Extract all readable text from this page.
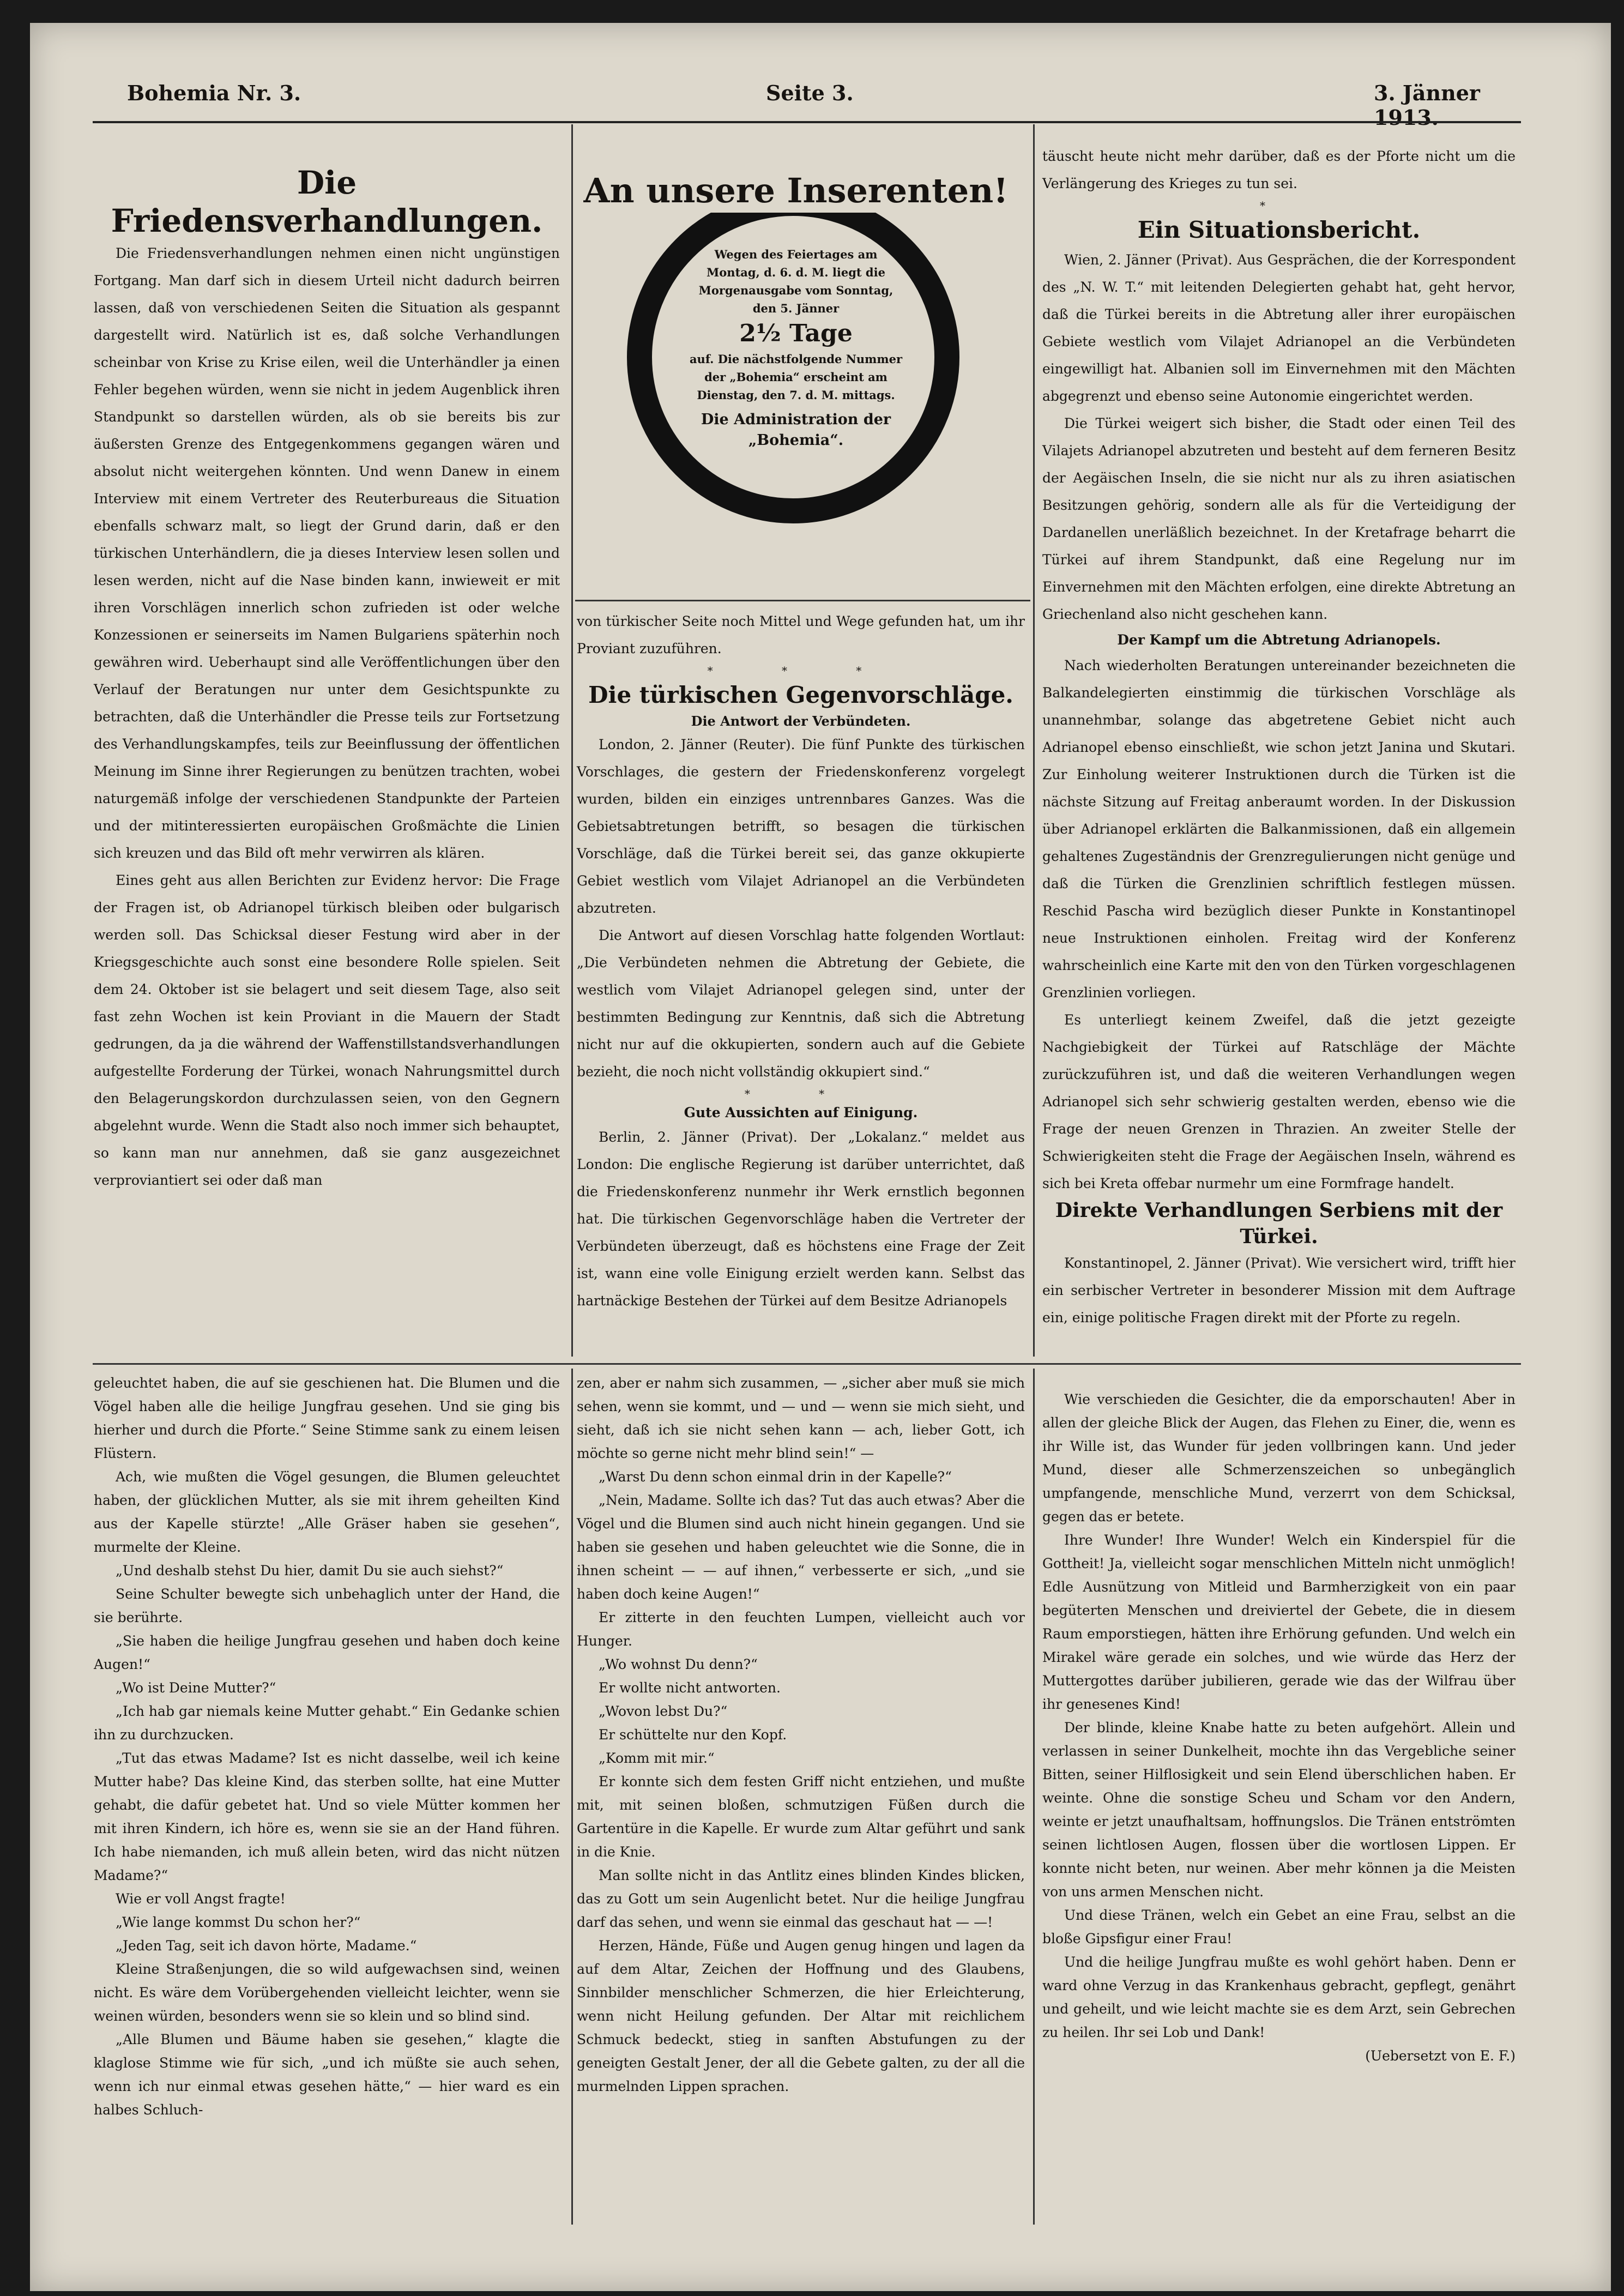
Bohemia Nr. 3.	Seite 3.	3. Jänner 1913.
Die Friedensverhandlungen.

Die Friedensverhandlungen nehmen einen nicht ungünstigen Fortgang. Man darf sich in diesem Urteil nicht dadurch beirren lassen, daß von verschiedenen Seiten die Situation als gespannt dargestellt wird. Natürlich ist es, daß solche Verhandlungen scheinbar von Krise zu Krise eilen, weil die Unterhändler ja einen Fehler begehen würden, wenn sie nicht in jedem Augenblick ihren Standpunkt so darstellen würden, als ob sie bereits bis zur äußersten Grenze des Entgegenkommens gegangen wären und absolut nicht weitergehen könnten. Und wenn Danew in einem Interview mit einem Vertreter des Reuterbureaus die Situation ebenfalls schwarz malt, so liegt der Grund darin, daß er den türkischen Unterhändlern, die ja dieses Interview lesen sollen und lesen werden, nicht auf die Nase binden kann, inwieweit er mit ihren Vorschlägen innerlich schon zufrieden ist oder welche Konzessionen er seinerseits im Namen Bulgariens späterhin noch gewähren wird. Ueberhaupt sind alle Veröffentlichungen über den Verlauf der Beratungen nur unter dem Gesichtspunkte zu betrachten, daß die Unterhändler die Presse teils zur Fortsetzung des Verhandlungskampfes, teils zur Beeinflussung der öffentlichen Meinung im Sinne ihrer Regierungen zu benützen trachten, wobei naturgemäß infolge der verschiedenen Standpunkte der Parteien und der mitinteressierten europäischen Großmächte die Linien sich kreuzen und das Bild oft mehr verwirren als klären.

Eines geht aus allen Berichten zur Evidenz hervor: Die Frage der Fragen ist, ob Adrianopel türkisch bleiben oder bulgarisch werden soll. Das Schicksal dieser Festung wird aber in der Kriegsgeschichte auch sonst eine besondere Rolle spielen. Seit dem 24. Oktober ist sie belagert und seit diesem Tage, also seit fast zehn Wochen ist kein Proviant in die Mauern der Stadt gedrungen, da ja die während der Waffenstillstandsverhandlungen aufgestellte Forderung der Türkei, wonach Nahrungsmittel durch den Belagerungskordon durchzulassen seien, von den Gegnern abgelehnt wurde. Wenn die Stadt also noch immer sich behauptet, so kann man nur annehmen, daß sie ganz ausgezeichnet verproviantiert sei oder daß man

An unsere Inserenten!
Wegen des Feiertages am Montag, d. 6. d. M. liegt die Morgenausgabe vom Sonntag, den 5. Jänner
2½ Tage
auf. Die nächstfolgende Nummer der „Bohemia“ erscheint am Dienstag, den 7. d. M. mittags.
Die Administration der „Bohemia“.

von türkischer Seite noch Mittel und Wege gefunden hat, um ihr Proviant zuzuführen.

* * *
Die türkischen Gegenvorschläge.
Die Antwort der Verbündeten.

London, 2. Jänner (Reuter). Die fünf Punkte des türkischen Vorschlages, die gestern der Friedenskonferenz vorgelegt wurden, bilden ein einziges untrennbares Ganzes. Was die Gebietsabtretungen betrifft, so besagen die türkischen Vorschläge, daß die Türkei bereit sei, das ganze okkupierte Gebiet westlich vom Vilajet Adrianopel an die Verbündeten abzutreten.

Die Antwort auf diesen Vorschlag hatte folgenden Wortlaut: „Die Verbündeten nehmen die Abtretung der Gebiete, die westlich vom Vilajet Adrianopel gelegen sind, unter der bestimmten Bedingung zur Kenntnis, daß sich die Abtretung nicht nur auf die okkupierten, sondern auch auf die Gebiete bezieht, die noch nicht vollständig okkupiert sind.“

* *
Gute Aussichten auf Einigung.

Berlin, 2. Jänner (Privat). Der „Lokalanz.“ meldet aus London: Die englische Regierung ist darüber unterrichtet, daß die Friedenskonferenz nunmehr ihr Werk ernstlich begonnen hat. Die türkischen Gegenvorschläge haben die Vertreter der Verbündeten überzeugt, daß es höchstens eine Frage der Zeit ist, wann eine volle Einigung erzielt werden kann. Selbst das hartnäckige Bestehen der Türkei auf dem Besitze Adrianopels

täuscht heute nicht mehr darüber, daß es der Pforte nicht um die Verlängerung des Krieges zu tun sei.

*
Ein Situationsbericht.

Wien, 2. Jänner (Privat). Aus Gesprächen, die der Korrespondent des „N. W. T.“ mit leitenden Delegierten gehabt hat, geht hervor, daß die Türkei bereits in die Abtretung aller ihrer europäischen Gebiete westlich vom Vilajet Adrianopel an die Verbündeten eingewilligt hat. Albanien soll im Einvernehmen mit den Mächten abgegrenzt und ebenso seine Autonomie eingerichtet werden.

Die Türkei weigert sich bisher, die Stadt oder einen Teil des Vilajets Adrianopel abzutreten und besteht auf dem ferneren Besitz der Aegäischen Inseln, die sie nicht nur als zu ihren asiatischen Besitzungen gehörig, sondern alle als für die Verteidigung der Dardanellen unerläßlich bezeichnet. In der Kretafrage beharrt die Türkei auf ihrem Standpunkt, daß eine Regelung nur im Einvernehmen mit den Mächten erfolgen, eine direkte Abtretung an Griechenland also nicht geschehen kann.

Der Kampf um die Abtretung Adrianopels.

Nach wiederholten Beratungen untereinander bezeichneten die Balkandelegierten einstimmig die türkischen Vorschläge als unannehmbar, solange das abgetretene Gebiet nicht auch Adrianopel ebenso einschließt, wie schon jetzt Janina und Skutari. Zur Einholung weiterer Instruktionen durch die Türken ist die nächste Sitzung auf Freitag anberaumt worden. In der Diskussion über Adrianopel erklärten die Balkanmissionen, daß ein allgemein gehaltenes Zugeständnis der Grenzregulierungen nicht genüge und daß die Türken die Grenzlinien schriftlich festlegen müssen. Reschid Pascha wird bezüglich dieser Punkte in Konstantinopel neue Instruktionen einholen. Freitag wird der Konferenz wahrscheinlich eine Karte mit den von den Türken vorgeschlagenen Grenzlinien vorliegen.

Es unterliegt keinem Zweifel, daß die jetzt gezeigte Nachgiebigkeit der Türkei auf Ratschläge der Mächte zurückzuführen ist, und daß die weiteren Verhandlungen wegen Adrianopel sich sehr schwierig gestalten werden, ebenso wie die Frage der neuen Grenzen in Thrazien. An zweiter Stelle der Schwierigkeiten steht die Frage der Aegäischen Inseln, während es sich bei Kreta offebar nurmehr um eine Formfrage handelt.

Direkte Verhandlungen Serbiens mit der Türkei.

Konstantinopel, 2. Jänner (Privat). Wie versichert wird, trifft hier ein serbischer Vertreter in besonderer Mission mit dem Auftrage ein, einige politische Fragen direkt mit der Pforte zu regeln.

geleuchtet haben, die auf sie geschienen hat. Die Blumen und die Vögel haben alle die heilige Jungfrau gesehen. Und sie ging bis hierher und durch die Pforte.“ Seine Stimme sank zu einem leisen Flüstern.

Ach, wie mußten die Vögel gesungen, die Blumen geleuchtet haben, der glücklichen Mutter, als sie mit ihrem geheilten Kind aus der Kapelle stürzte! „Alle Gräser haben sie gesehen“, murmelte der Kleine.

„Und deshalb stehst Du hier, damit Du sie auch siehst?“

Seine Schulter bewegte sich unbehaglich unter der Hand, die sie berührte.

„Sie haben die heilige Jungfrau gesehen und haben doch keine Augen!“

„Wo ist Deine Mutter?“

„Ich hab gar niemals keine Mutter gehabt.“ Ein Gedanke schien ihn zu durchzucken.

„Tut das etwas Madame? Ist es nicht dasselbe, weil ich keine Mutter habe? Das kleine Kind, das sterben sollte, hat eine Mutter gehabt, die dafür gebetet hat. Und so viele Mütter kommen her mit ihren Kindern, ich höre es, wenn sie sie an der Hand führen. Ich habe niemanden, ich muß allein beten, wird das nicht nützen Madame?“

Wie er voll Angst fragte!

„Wie lange kommst Du schon her?“

„Jeden Tag, seit ich davon hörte, Madame.“

Kleine Straßenjungen, die so wild aufgewachsen sind, weinen nicht. Es wäre dem Vorübergehenden vielleicht leichter, wenn sie weinen würden, besonders wenn sie so klein und so blind sind.

„Alle Blumen und Bäume haben sie gesehen,“ klagte die klaglose Stimme wie für sich, „und ich müßte sie auch sehen, wenn ich nur einmal etwas gesehen hätte,“ — hier ward es ein halbes Schluch-

zen, aber er nahm sich zusammen, — „sicher aber muß sie mich sehen, wenn sie kommt, und — und — wenn sie mich sieht, und sieht, daß ich sie nicht sehen kann — ach, lieber Gott, ich möchte so gerne nicht mehr blind sein!“ —

„Warst Du denn schon einmal drin in der Kapelle?“

„Nein, Madame. Sollte ich das? Tut das auch etwas? Aber die Vögel und die Blumen sind auch nicht hinein gegangen. Und sie haben sie gesehen und haben geleuchtet wie die Sonne, die in ihnen scheint — — auf ihnen,“ verbesserte er sich, „und sie haben doch keine Augen!“

Er zitterte in den feuchten Lumpen, vielleicht auch vor Hunger.

„Wo wohnst Du denn?“

Er wollte nicht antworten.

„Wovon lebst Du?“

Er schüttelte nur den Kopf.

„Komm mit mir.“

Er konnte sich dem festen Griff nicht entziehen, und mußte mit, mit seinen bloßen, schmutzigen Füßen durch die Gartentüre in die Kapelle. Er wurde zum Altar geführt und sank in die Knie.

Man sollte nicht in das Antlitz eines blinden Kindes blicken, das zu Gott um sein Augenlicht betet. Nur die heilige Jungfrau darf das sehen, und wenn sie einmal das geschaut hat — —!

Herzen, Hände, Füße und Augen genug hingen und lagen da auf dem Altar, Zeichen der Hoffnung und des Glaubens, Sinnbilder menschlicher Schmerzen, die hier Erleichterung, wenn nicht Heilung gefunden. Der Altar mit reichlichem Schmuck bedeckt, stieg in sanften Abstufungen zu der geneigten Gestalt Jener, der all die Gebete galten, zu der all die murmelnden Lippen sprachen.

Wie verschieden die Gesichter, die da emporschauten! Aber in allen der gleiche Blick der Augen, das Flehen zu Einer, die, wenn es ihr Wille ist, das Wunder für jeden vollbringen kann. Und jeder Mund, dieser alle Schmerzenszeichen so unbegänglich umpfangende, menschliche Mund, verzerrt von dem Schicksal, gegen das er betete.

Ihre Wunder! Ihre Wunder! Welch ein Kinderspiel für die Gottheit! Ja, vielleicht sogar menschlichen Mitteln nicht unmöglich! Edle Ausnützung von Mitleid und Barmherzigkeit von ein paar begüterten Menschen und dreiviertel der Gebete, die in diesem Raum emporstiegen, hätten ihre Erhörung gefunden. Und welch ein Mirakel wäre gerade ein solches, und wie würde das Herz der Muttergottes darüber jubilieren, gerade wie das der Wilfrau über ihr genesenes Kind!

Der blinde, kleine Knabe hatte zu beten aufgehört. Allein und verlassen in seiner Dunkelheit, mochte ihn das Vergebliche seiner Bitten, seiner Hilflosigkeit und sein Elend überschlichen haben. Er weinte. Ohne die sonstige Scheu und Scham vor den Andern, weinte er jetzt unaufhaltsam, hoffnungslos. Die Tränen entströmten seinen lichtlosen Augen, flossen über die wortlosen Lippen. Er konnte nicht beten, nur weinen. Aber mehr können ja die Meisten von uns armen Menschen nicht.

Und diese Tränen, welch ein Gebet an eine Frau, selbst an die bloße Gipsfigur einer Frau!

Und die heilige Jungfrau mußte es wohl gehört haben. Denn er ward ohne Verzug in das Krankenhaus gebracht, gepflegt, genährt und geheilt, und wie leicht machte sie es dem Arzt, sein Gebrechen zu heilen. Ihr sei Lob und Dank!

(Uebersetzt von E. F.)
